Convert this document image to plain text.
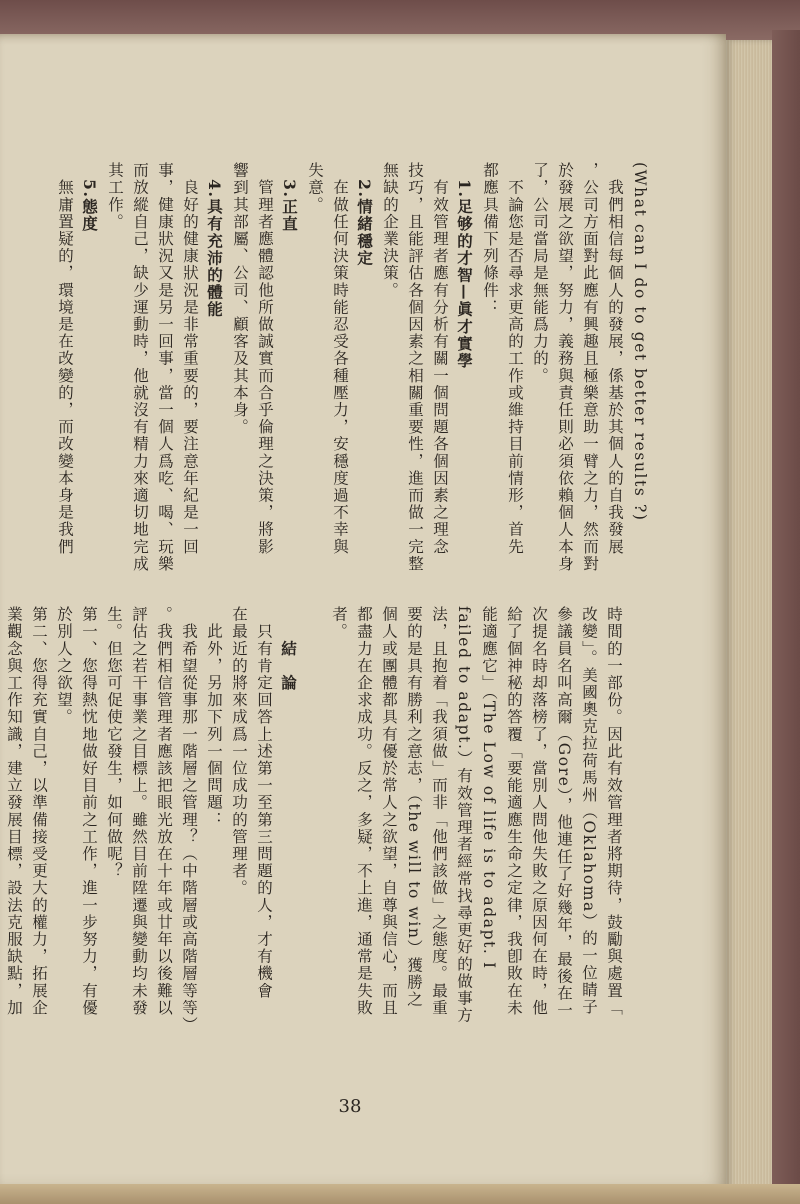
(What can I do to get better results ?)

　我們相信每個人的發展，係基於其個人的自我發展

，公司方面對此應有興趣且極樂意助一臂之力，然而對

於發展之欲望，努力，義務與責任則必須依賴個人本身

了，公司當局是無能爲力的。

　不論您是否尋求更高的工作或維持目前情形，首先

都應具備下列條件：

　1.足够的才智—眞才實學

　有效管理者應有分析有關一個問題各個因素之理念

技巧，且能評估各個因素之相關重要性，進而做一完整

無缺的企業決策。

　2.情緒穩定

　在做任何決策時能忍受各種壓力，安穩度過不幸與

失意。

　3.正直

　管理者應體認他所做誠實而合乎倫理之決策，將影

響到其部屬、公司、顧客及其本身。

　4.具有充沛的體能

　良好的健康狀況是非常重要的，要注意年紀是一回

事，健康狀況又是另一回事，當一個人爲吃、喝、玩樂

而放縱自己，缺少運動時，他就沒有精力來適切地完成

其工作。

　5.態度

　無庸置疑的，環境是在改變的，而改變本身是我們

時間的一部份。因此有效管理者將期待，鼓勵與處置「

改變」。美國奧克拉荷馬州（Oklahoma）的一位睛子

參議員名叫高爾（Gore），他連任了好幾年，最後在一

次提名時却落榜了，當別人問他失敗之原因何在時，他

給了個神秘的答覆「要能適應生命之定律，我卽敗在未

能適應它」（The Low of life is to adapt. I

failed to adapt.）有效管理者經常找尋更好的做事方

法，且抱着「我須做」而非「他們該做」之態度。最重

要的是具有勝利之意志，（the will to win）獲勝之

個人或團體都具有優於常人之欲望，自尊與信心，而且

都盡力在企求成功。反之，多疑，不上進，通常是失敗

者。

　　結　論

　只有肯定回答上述第一至第三問題的人，才有機會

在最近的將來成爲一位成功的管理者。

　此外，另加下列一個問題：

　我希望從事那一階層之管理？（中階層或高階層等等）

。我們相信管理者應該把眼光放在十年或廿年以後難以

評估之若干事業之目標上。雖然目前陞遷與變動均未發

生。但您可促使它發生，如何做呢？

第一、您得熱忱地做好目前之工作，進一步努力，有優

於別人之欲望。

第二、您得充實自己，以準備接受更大的權力，拓展企

業觀念與工作知識，建立發展目標，設法克服缺點，加

38
